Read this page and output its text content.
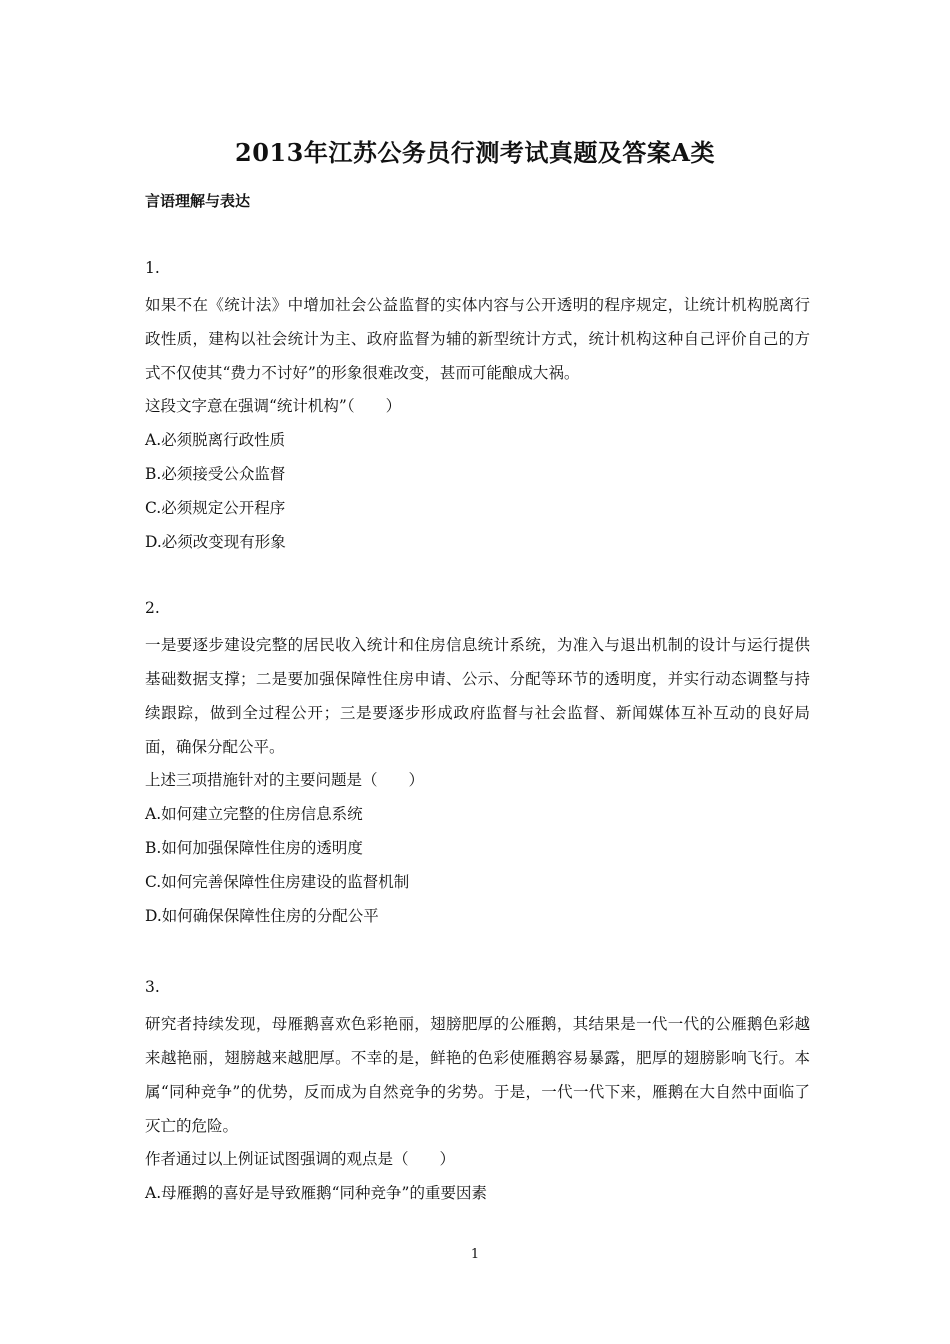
2013年江苏公务员行测考试真题及答案A类
言语理解与表达
1.
如果不在《统计法》中增加社会公益监督的实体内容与公开透明的程序规定，让统计机构脱离行政性质，建构以社会统计为主、政府监督为辅的新型统计方式，统计机构这种自己评价自己的方式不仅使其“费力不讨好”的形象很难改变，甚而可能酿成大祸。
这段文字意在强调“统计机构”（　　）
A.必须脱离行政性质
B.必须接受公众监督
C.必须规定公开程序
D.必须改变现有形象
2.
一是要逐步建设完整的居民收入统计和住房信息统计系统，为准入与退出机制的设计与运行提供基础数据支撑；二是要加强保障性住房申请、公示、分配等环节的透明度，并实行动态调整与持续跟踪，做到全过程公开；三是要逐步形成政府监督与社会监督、新闻媒体互补互动的良好局面，确保分配公平。
上述三项措施针对的主要问题是（　　）
A.如何建立完整的住房信息系统
B.如何加强保障性住房的透明度
C.如何完善保障性住房建设的监督机制
D.如何确保保障性住房的分配公平
3.
研究者持续发现，母雁鹅喜欢色彩艳丽，翅膀肥厚的公雁鹅，其结果是一代一代的公雁鹅色彩越来越艳丽，翅膀越来越肥厚。不幸的是，鲜艳的色彩使雁鹅容易暴露，肥厚的翅膀影响飞行。本属“同种竞争”的优势，反而成为自然竞争的劣势。于是，一代一代下来，雁鹅在大自然中面临了灭亡的危险。
作者通过以上例证试图强调的观点是（　　）
A.母雁鹅的喜好是导致雁鹅“同种竞争”的重要因素
1
